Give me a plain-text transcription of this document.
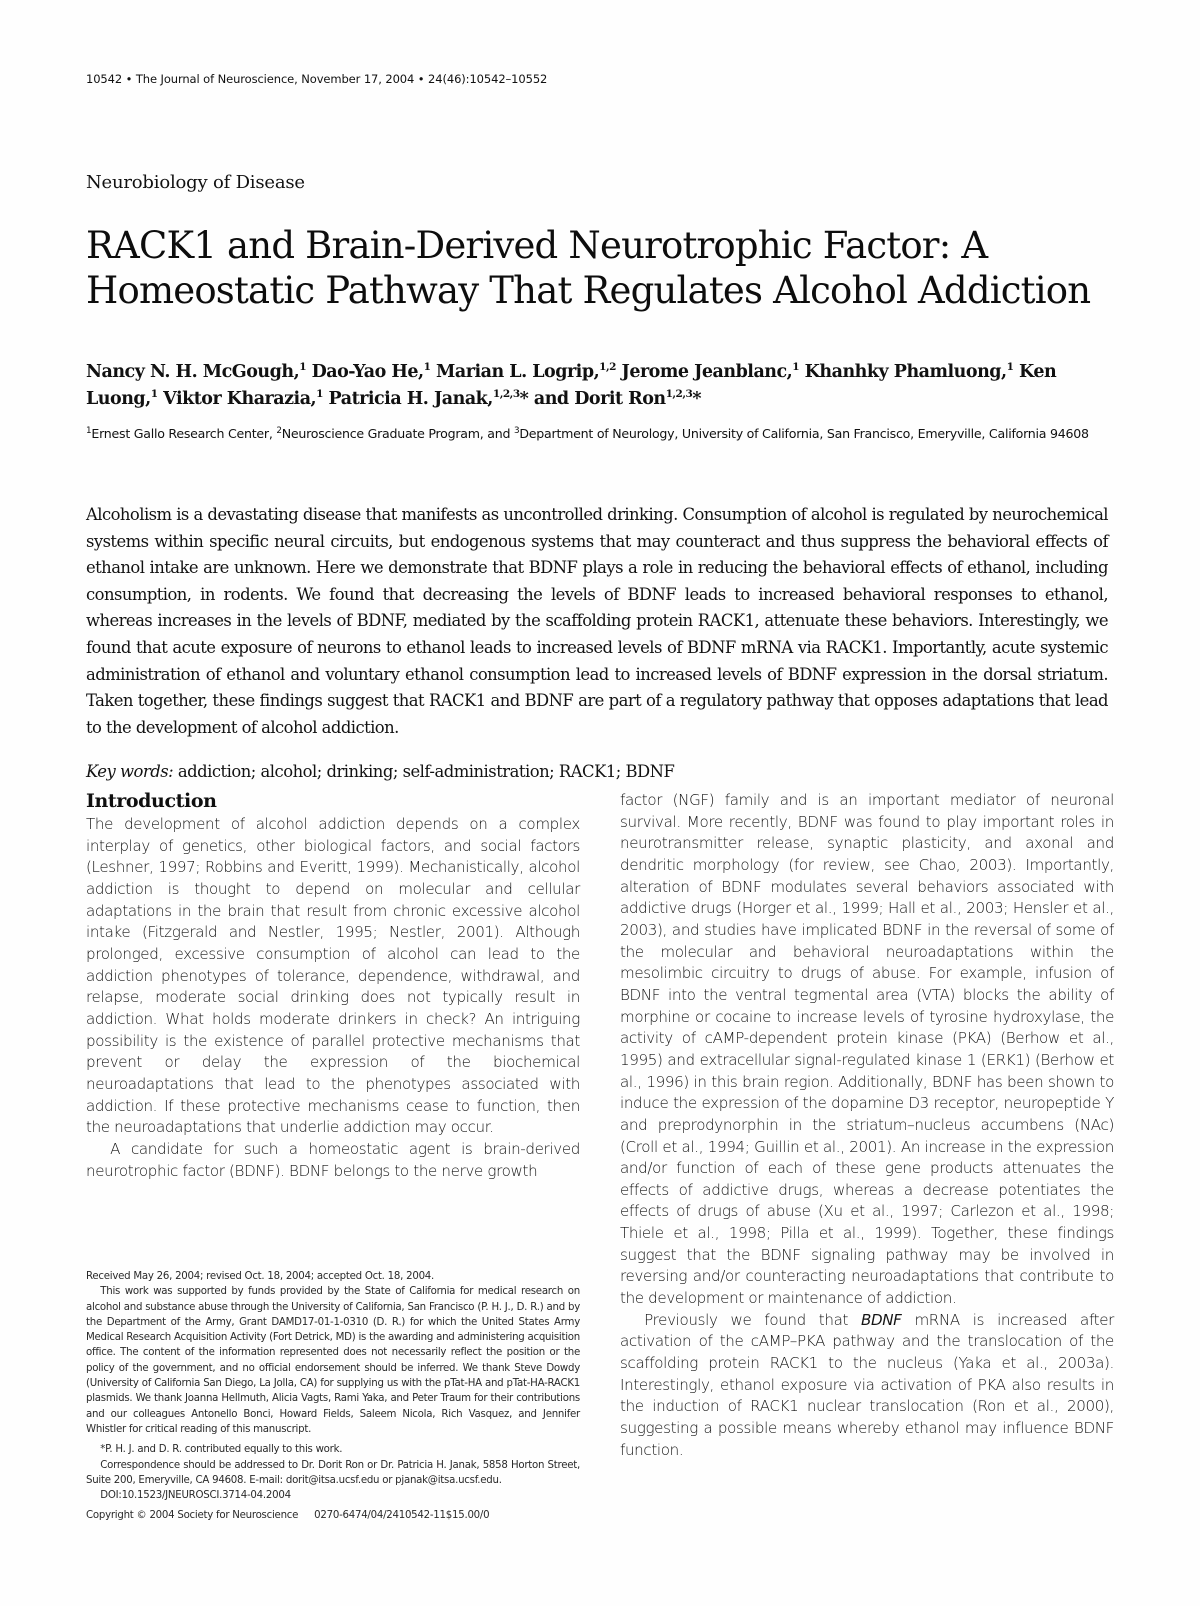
10542 • The Journal of Neuroscience, November 17, 2004 • 24(46):10542–10552
Neurobiology of Disease
RACK1 and Brain-Derived Neurotrophic Factor: A Homeostatic Pathway That Regulates Alcohol Addiction
Nancy N. H. McGough,$^1$ Dao-Yao He,$^1$ Marian L. Logrip,$^{1,2}$ Jerome Jeanblanc,$^1$ Khanhky Phamluong,$^1$ Ken Luong,$^1$ Viktor Kharazia,$^1$ Patricia H. Janak,$^{1,2,3}$* and Dorit Ron$^{1,2,3}$*
$^1$Ernest Gallo Research Center, $^2$Neuroscience Graduate Program, and $^3$Department of Neurology, University of California, San Francisco, Emeryville, California 94608
Alcoholism is a devastating disease that manifests as uncontrolled drinking. Consumption of alcohol is regulated by neurochemical systems within specific neural circuits, but endogenous systems that may counteract and thus suppress the behavioral effects of ethanol intake are unknown. Here we demonstrate that BDNF plays a role in reducing the behavioral effects of ethanol, including consumption, in rodents. We found that decreasing the levels of BDNF leads to increased behavioral responses to ethanol, whereas increases in the levels of BDNF, mediated by the scaffolding protein RACK1, attenuate these behaviors. Interestingly, we found that acute exposure of neurons to ethanol leads to increased levels of BDNF mRNA via RACK1. Importantly, acute systemic administration of ethanol and voluntary ethanol consumption lead to increased levels of BDNF expression in the dorsal striatum. Taken together, these findings suggest that RACK1 and BDNF are part of a regulatory pathway that opposes adaptations that lead to the development of alcohol addiction.
Key words: addiction; alcohol; drinking; self-administration; RACK1; BDNF
Introduction

The development of alcohol addiction depends on a complex interplay of genetics, other biological factors, and social factors (Leshner, 1997; Robbins and Everitt, 1999). Mechanistically, alcohol addiction is thought to depend on molecular and cellular adaptations in the brain that result from chronic excessive alcohol intake (Fitzgerald and Nestler, 1995; Nestler, 2001). Although prolonged, excessive consumption of alcohol can lead to the addiction phenotypes of tolerance, dependence, withdrawal, and relapse, moderate social drinking does not typically result in addiction. What holds moderate drinkers in check? An intriguing possibility is the existence of parallel protective mechanisms that prevent or delay the expression of the biochemical neuroadaptations that lead to the phenotypes associated with addiction. If these protective mechanisms cease to function, then the neuroadaptations that underlie addiction may occur.

A candidate for such a homeostatic agent is brain-derived neurotrophic factor (BDNF). BDNF belongs to the nerve growth

factor (NGF) family and is an important mediator of neuronal survival. More recently, BDNF was found to play important roles in neurotransmitter release, synaptic plasticity, and axonal and dendritic morphology (for review, see Chao, 2003). Importantly, alteration of BDNF modulates several behaviors associated with addictive drugs (Horger et al., 1999; Hall et al., 2003; Hensler et al., 2003), and studies have implicated BDNF in the reversal of some of the molecular and behavioral neuroadaptations within the mesolimbic circuitry to drugs of abuse. For example, infusion of BDNF into the ventral tegmental area (VTA) blocks the ability of morphine or cocaine to increase levels of tyrosine hydroxylase, the activity of cAMP-dependent protein kinase (PKA) (Berhow et al., 1995) and extracellular signal-regulated kinase 1 (ERK1) (Berhow et al., 1996) in this brain region. Additionally, BDNF has been shown to induce the expression of the dopamine D3 receptor, neuropeptide Y and preprodynorphin in the striatum–nucleus accumbens (NAc) (Croll et al., 1994; Guillin et al., 2001). An increase in the expression and/or function of each of these gene products attenuates the effects of addictive drugs, whereas a decrease potentiates the effects of drugs of abuse (Xu et al., 1997; Carlezon et al., 1998; Thiele et al., 1998; Pilla et al., 1999). Together, these findings suggest that the BDNF signaling pathway may be involved in reversing and/or counteracting neuroadaptations that contribute to the development or maintenance of addiction.

Previously we found that BDNF mRNA is increased after activation of the cAMP–PKA pathway and the translocation of the scaffolding protein RACK1 to the nucleus (Yaka et al., 2003a). Interestingly, ethanol exposure via activation of PKA also results in the induction of RACK1 nuclear translocation (Ron et al., 2000), suggesting a possible means whereby ethanol may influence BDNF function.

Received May 26, 2004; revised Oct. 18, 2004; accepted Oct. 18, 2004.

This work was supported by funds provided by the State of California for medical research on alcohol and substance abuse through the University of California, San Francisco (P. H. J., D. R.) and by the Department of the Army, Grant DAMD17-01-1-0310 (D. R.) for which the United States Army Medical Research Acquisition Activity (Fort Detrick, MD) is the awarding and administering acquisition office. The content of the information represented does not necessarily reflect the position or the policy of the government, and no official endorsement should be inferred. We thank Steve Dowdy (University of California San Diego, La Jolla, CA) for supplying us with the pTat-HA and pTat-HA-RACK1 plasmids. We thank Joanna Hellmuth, Alicia Vagts, Rami Yaka, and Peter Traum for their contributions and our colleagues Antonello Bonci, Howard Fields, Saleem Nicola, Rich Vasquez, and Jennifer Whistler for critical reading of this manuscript.

*P. H. J. and D. R. contributed equally to this work.

Correspondence should be addressed to Dr. Dorit Ron or Dr. Patricia H. Janak, 5858 Horton Street, Suite 200, Emeryville, CA 94608. E-mail: dorit@itsa.ucsf.edu or pjanak@itsa.ucsf.edu.

DOI:10.1523/JNEUROSCI.3714-04.2004

Copyright © 2004 Society for Neuroscience 0270-6474/04/2410542-11$15.00/0
